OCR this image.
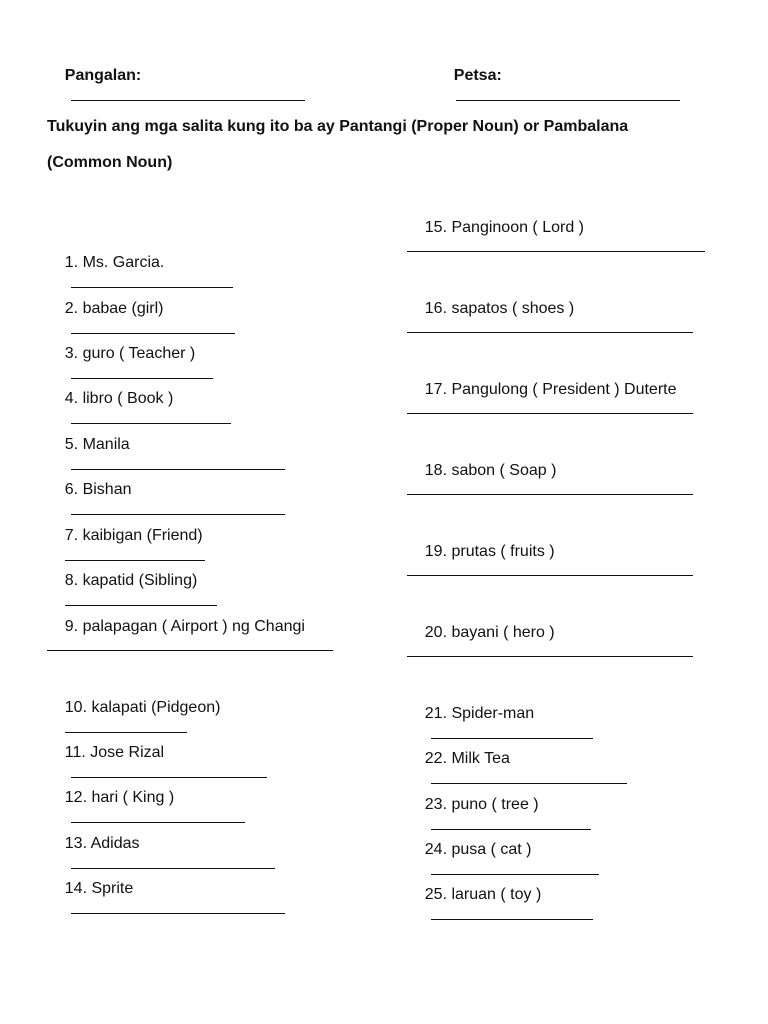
Pangalan:

	Petsa:

Tukuyin ang mga salita kung ito ba ay Pantangi (Proper Noun) or Pambalana
(Common Noun)

1. Ms. Garcia.

2. babae (girl)

3. guro ( Teacher )

4. libro ( Book )

5. Manila

6. Bishan

7. kaibigan (Friend)

8. kapatid (Sibling)

9. palapagan ( Airport ) ng Changi

10. kalapati (Pidgeon)

11. Jose Rizal

12. hari ( King )

13. Adidas

14. Sprite

15. Panginoon ( Lord )

16. sapatos ( shoes )

17. Pangulong ( President ) Duterte

18. sabon ( Soap )

19. prutas ( fruits )

20. bayani ( hero )

21. Spider-man

22. Milk Tea

23. puno ( tree )

24. pusa ( cat )

25. laruan ( toy )
